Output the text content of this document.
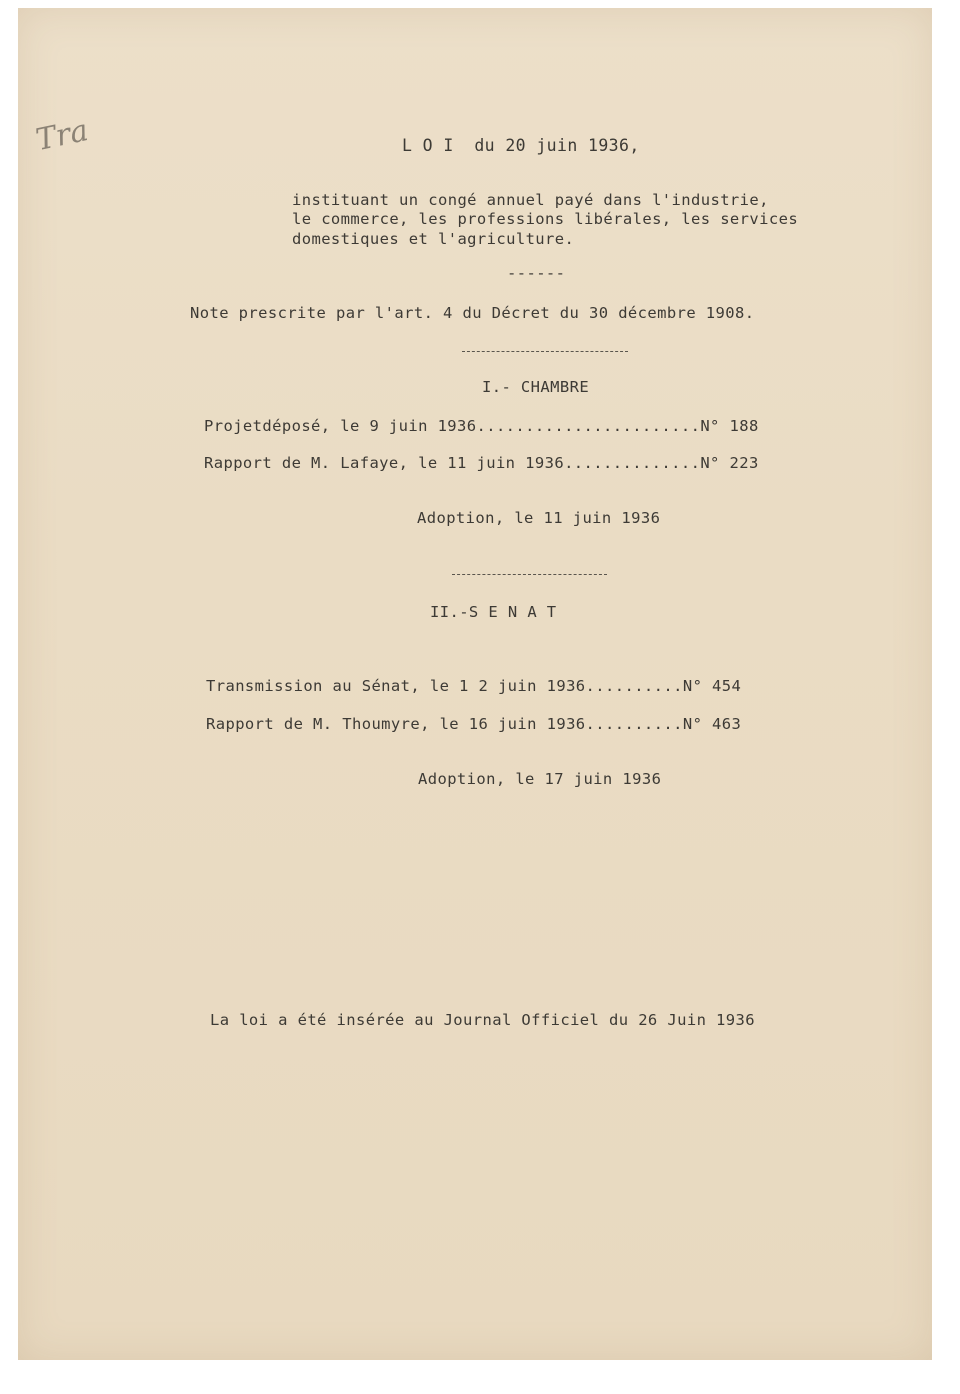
Tra	L O I  du 20 juin 1936,
instituant un congé annuel payé dans l'industrie,
le commerce, les professions libérales, les services
domestiques et l'agriculture.
------
Note prescrite par l'art. 4 du Décret du 30 décembre 1908.
I.- CHAMBRE
Projetdéposé, le 9 juin 1936.......................N° 188
Rapport de M. Lafaye, le 11 juin 1936..............N° 223
Adoption, le 11 juin 1936
II.-S E N A T
Transmission au Sénat, le 1 2 juin 1936..........N° 454
Rapport de M. Thoumyre, le 16 juin 1936..........N° 463
Adoption, le 17 juin 1936
La loi a été insérée au Journal Officiel du 26 Juin 1936
